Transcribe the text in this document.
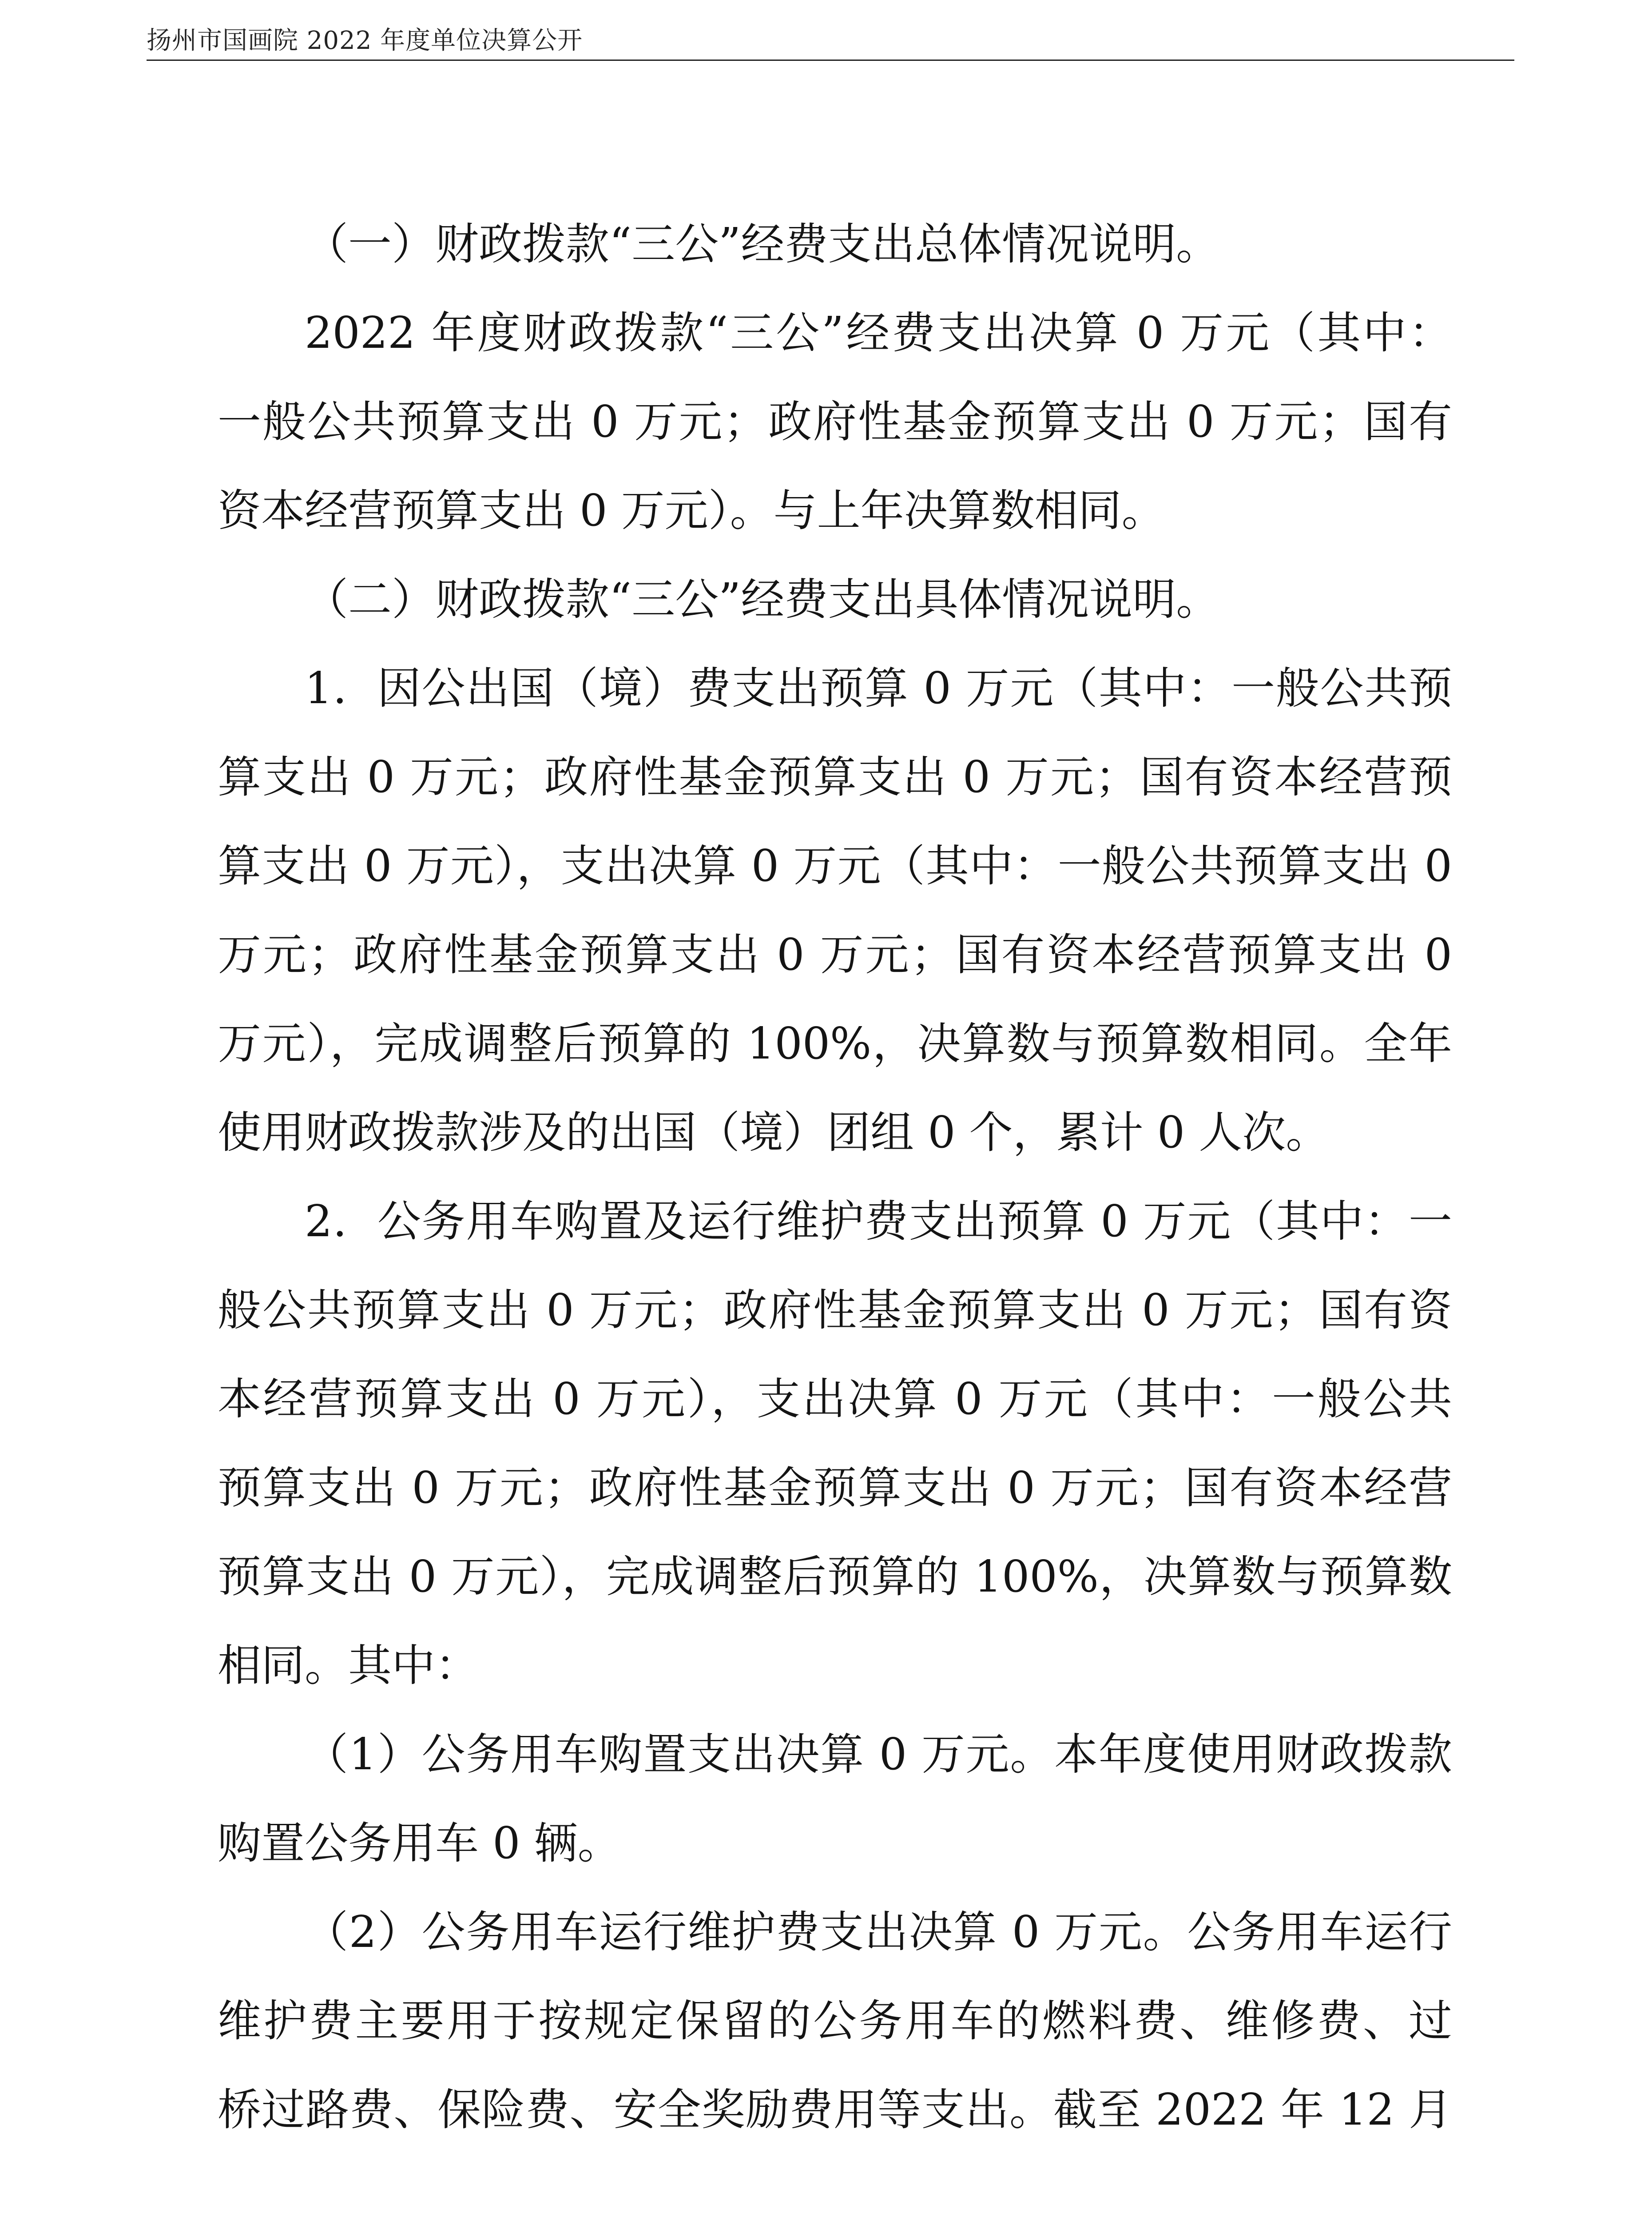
扬州市国画院 2022 年度单位决算公开
（一）财政拨款“三公”经费支出总体情况说明。
2022 年度财政拨款“三公”经费支出决算 0 万元（其中：
一般公共预算支出 0 万元；政府性基金预算支出 0 万元；国有
资本经营预算支出 0 万元）。与上年决算数相同。
（二）财政拨款“三公”经费支出具体情况说明。
1．因公出国（境）费支出预算 0 万元（其中：一般公共预
算支出 0 万元；政府性基金预算支出 0 万元；国有资本经营预
算支出 0 万元），支出决算 0 万元（其中：一般公共预算支出 0
万元；政府性基金预算支出 0 万元；国有资本经营预算支出 0
万元），完成调整后预算的 100%，决算数与预算数相同。全年
使用财政拨款涉及的出国（境）团组 0 个，累计 0 人次。
2．公务用车购置及运行维护费支出预算 0 万元（其中：一
般公共预算支出 0 万元；政府性基金预算支出 0 万元；国有资
本经营预算支出 0 万元），支出决算 0 万元（其中：一般公共
预算支出 0 万元；政府性基金预算支出 0 万元；国有资本经营
预算支出 0 万元），完成调整后预算的 100%，决算数与预算数
相同。其中：
（1）公务用车购置支出决算 0 万元。本年度使用财政拨款
购置公务用车 0 辆。
（2）公务用车运行维护费支出决算 0 万元。公务用车运行
维护费主要用于按规定保留的公务用车的燃料费、维修费、过
桥过路费、保险费、安全奖励费用等支出。截至 2022 年 12 月
